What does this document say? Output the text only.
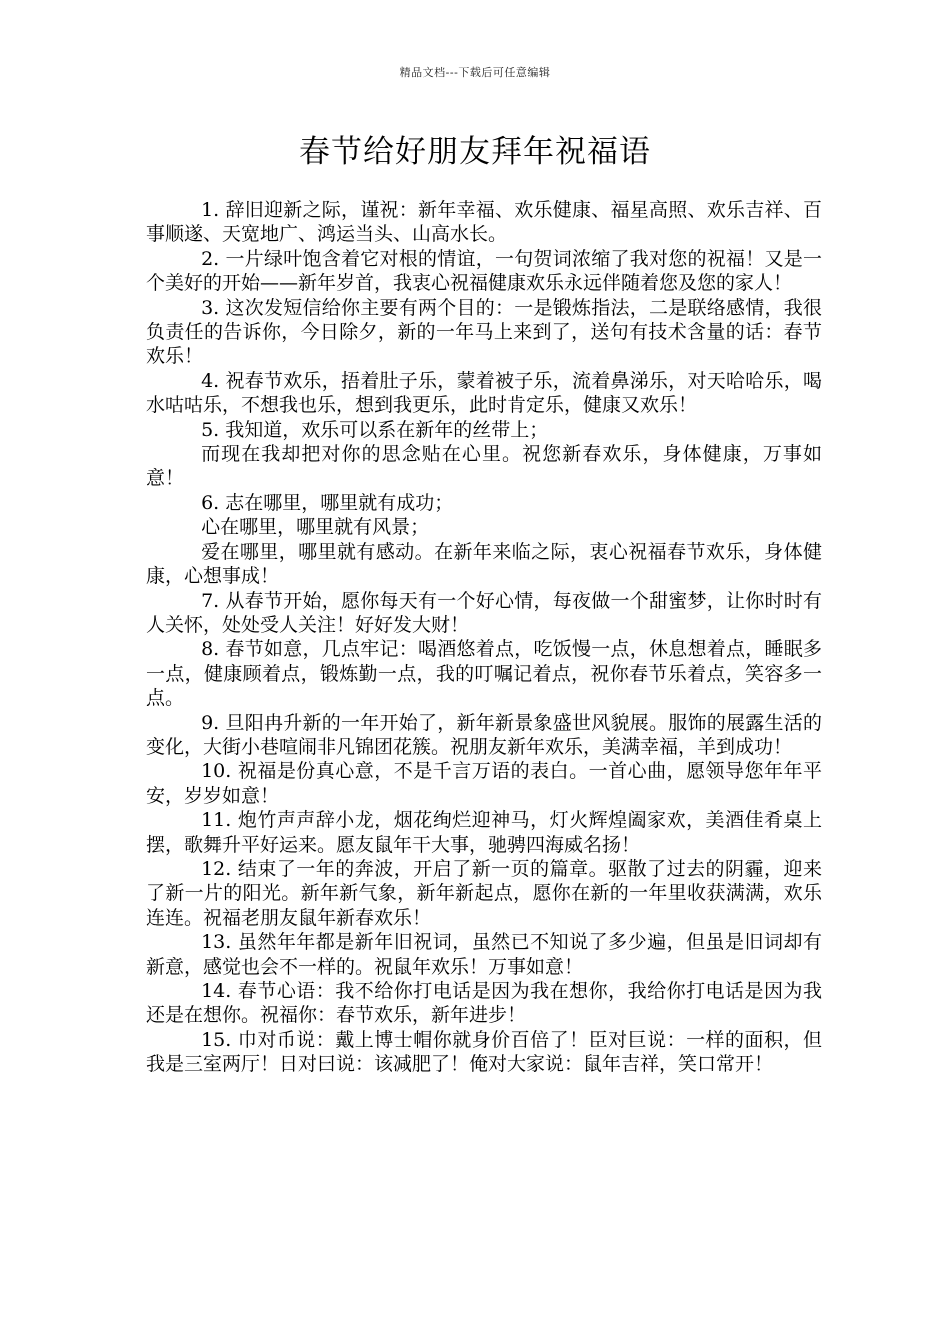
精品文档---下载后可任意编辑
春节给好朋友拜年祝福语

1. 辞旧迎新之际，谨祝：新年幸福、欢乐健康、福星高照、欢乐吉祥、百事顺遂、天宽地广、鸿运当头、山高水长。

2. 一片绿叶饱含着它对根的情谊，一句贺词浓缩了我对您的祝福！又是一个美好的开始——新年岁首，我衷心祝福健康欢乐永远伴随着您及您的家人！

3. 这次发短信给你主要有两个目的：一是锻炼指法，二是联络感情，我很负责任的告诉你，今日除夕，新的一年马上来到了，送句有技术含量的话：春节欢乐！

4. 祝春节欢乐，捂着肚子乐，蒙着被子乐，流着鼻涕乐，对天哈哈乐，喝水咕咕乐，不想我也乐，想到我更乐，此时肯定乐，健康又欢乐！

5. 我知道，欢乐可以系在新年的丝带上；

而现在我却把对你的思念贴在心里。祝您新春欢乐，身体健康，万事如意！

6. 志在哪里，哪里就有成功；

心在哪里，哪里就有风景；

爱在哪里，哪里就有感动。在新年来临之际，衷心祝福春节欢乐，身体健康，心想事成！

7. 从春节开始，愿你每天有一个好心情，每夜做一个甜蜜梦，让你时时有人关怀，处处受人关注！好好发大财！

8. 春节如意，几点牢记：喝酒悠着点，吃饭慢一点，休息想着点，睡眠多一点，健康顾着点，锻炼勤一点，我的叮嘱记着点，祝你春节乐着点，笑容多一点。

9. 旦阳冉升新的一年开始了，新年新景象盛世风貌展。服饰的展露生活的变化，大街小巷喧闹非凡锦团花簇。祝朋友新年欢乐，美满幸福，羊到成功！

10. 祝福是份真心意，不是千言万语的表白。一首心曲，愿领导您年年平安，岁岁如意！

11. 炮竹声声辞小龙，烟花绚烂迎神马，灯火辉煌阖家欢，美酒佳肴桌上摆，歌舞升平好运来。愿友鼠年干大事，驰骋四海威名扬！

12. 结束了一年的奔波，开启了新一页的篇章。驱散了过去的阴霾，迎来了新一片的阳光。新年新气象，新年新起点，愿你在新的一年里收获满满，欢乐连连。祝福老朋友鼠年新春欢乐！

13. 虽然年年都是新年旧祝词，虽然已不知说了多少遍，但虽是旧词却有新意，感觉也会不一样的。祝鼠年欢乐！万事如意！

14. 春节心语：我不给你打电话是因为我在想你，我给你打电话是因为我还是在想你。祝福你：春节欢乐，新年进步！

15. 巾对币说：戴上博士帽你就身价百倍了！臣对巨说：一样的面积，但我是三室两厅！日对曰说：该减肥了！俺对大家说：鼠年吉祥，笑口常开！
